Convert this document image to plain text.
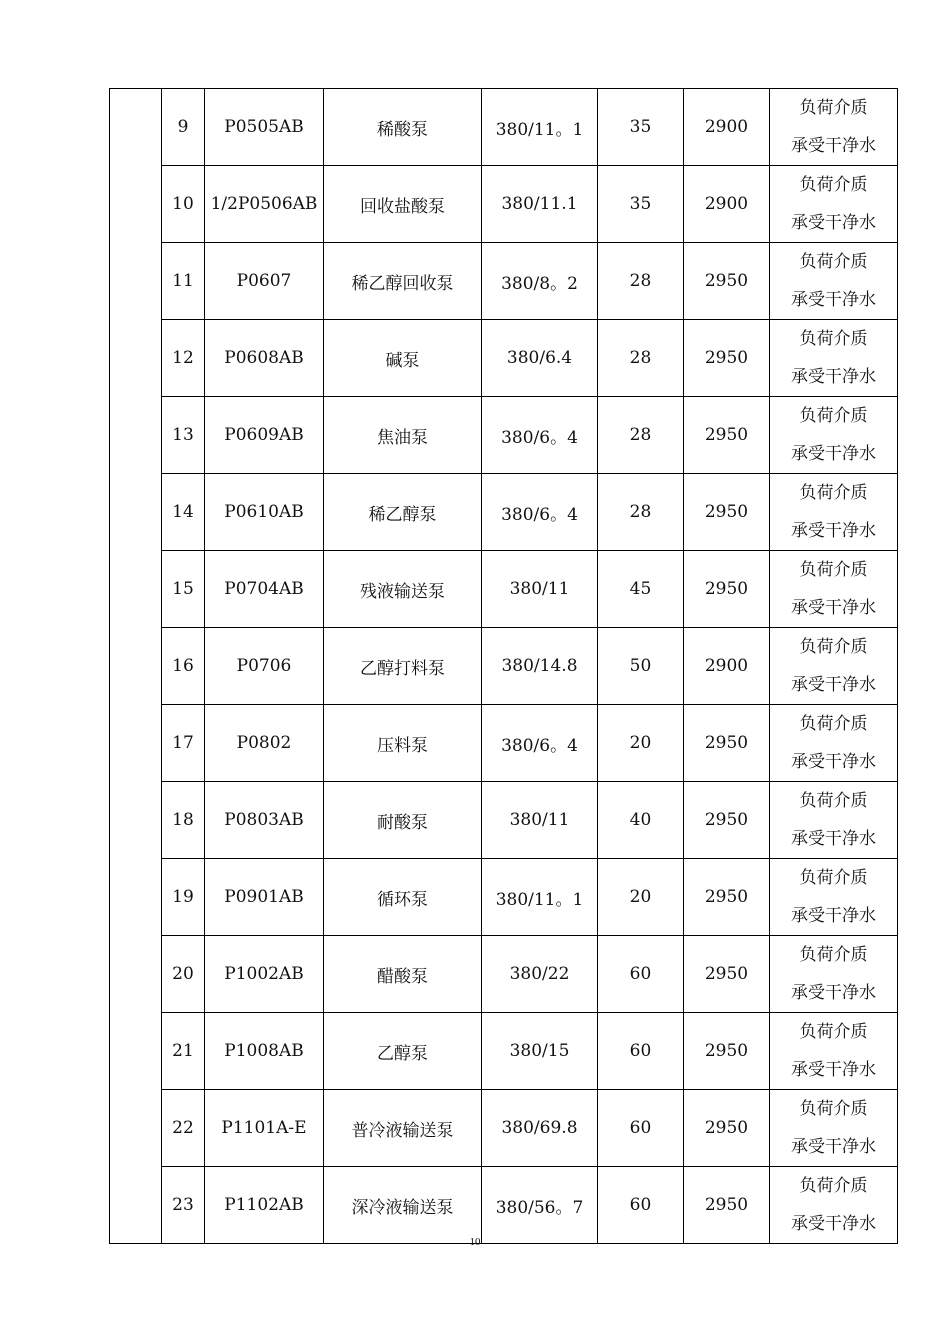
	9	P0505AB	稀酸泵	380/11。1	35	2900	负荷介质
承受干净水

	10	1/2P0506AB	回收盐酸泵	380/11.1	35	2900	负荷介质
承受干净水

	11	P0607	稀乙醇回收泵	380/8。2	28	2950	负荷介质
承受干净水

	12	P0608AB	碱泵	380/6.4	28	2950	负荷介质
承受干净水

	13	P0609AB	焦油泵	380/6。4	28	2950	负荷介质
承受干净水

	14	P0610AB	稀乙醇泵	380/6。4	28	2950	负荷介质
承受干净水

	15	P0704AB	残液输送泵	380/11	45	2950	负荷介质
承受干净水

	16	P0706	乙醇打料泵	380/14.8	50	2900	负荷介质
承受干净水

	17	P0802	压料泵	380/6。4	20	2950	负荷介质
承受干净水

	18	P0803AB	耐酸泵	380/11	40	2950	负荷介质
承受干净水

	19	P0901AB	循环泵	380/11。1	20	2950	负荷介质
承受干净水

	20	P1002AB	醋酸泵	380/22	60	2950	负荷介质
承受干净水

	21	P1008AB	乙醇泵	380/15	60	2950	负荷介质
承受干净水

	22	P1101A-E	普冷液输送泵	380/69.8	60	2950	负荷介质
承受干净水

	23	P1102AB	深冷液输送泵	380/56。7	60	2950	负荷介质
承受干净水
10
